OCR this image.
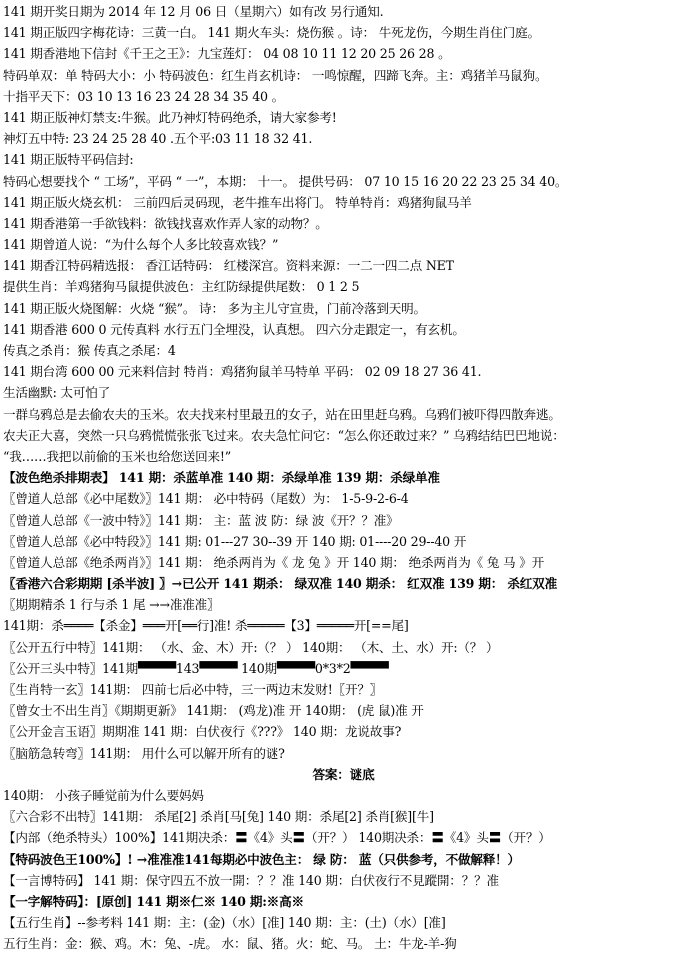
141 期开奖日期为 2014 年 12 月 06 日（星期六）如有改 另行通知.
141 期正版四字梅花诗：三黄一白。 141 期火车头：烧伤猴 。诗： 牛死龙伤，今期生肖住门庭。
141 期香港地下信封《千王之王》：九宝莲灯： 04 08 10 11 12 20 25 26 28 。
特码单双：单 特码大小：小 特码波色：红生肖玄机诗： 一鸣惊醒，四蹄飞奔。主：鸡猪羊马鼠狗。
十指平天下：03 10 13 16 23 24 28 34 35 40 。
141 期正版神灯禁支:牛猴。此乃神灯特码绝杀，请大家参考!
神灯五中特: 23 24 25 28 40 .五个平:03 11 18 32 41.
141 期正版特平码信封:
特码心想要找个 “ 工场”，平码 “ 一”，本期： 十一。 提供号码： 07 10 15 16 20 22 23 25 34 40。
141 期正版火烧玄机： 三前四后灵码现，老牛推车出将门。 特单特肖：鸡猪狗鼠马羊
141 期香港第一手欲钱料：欲钱找喜欢作弄人家的动物？。
141 期曾道人说：“为什么每个人多比较喜欢钱？”
141 期香江特码精选报： 香江话特码： 红楼深宫。资料来源：一二一四二点 NET
提供生肖：羊鸡猪狗马鼠提供波色：主红防绿提供尾数： 0 1 2 5
141 期正版火烧图解：火烧 “猴”。 诗： 多为主儿守宣贵，门前冷落到天明。
141 期香港 600 0 元传真料 水行五门全埋没，认真想。 四六分走跟定一，有玄机。
传真之杀肖：猴 传真之杀尾：4
141 期台湾 600 00 元来料信封 特肖：鸡猪狗鼠羊马特单 平码： 02 09 18 27 36 41.
生活幽默: 太可怕了
一群乌鸦总是去偷农夫的玉米。农夫找来村里最丑的女子，站在田里赶乌鸦。乌鸦们被吓得四散奔逃。
农夫正大喜，突然一只乌鸦慌慌张张飞过来。农夫急忙问它：“怎么你还敢过来？” 乌鸦结结巴巴地说：
“我……我把以前偷的玉米也给您送回来!”
【波色绝杀排期表】 141 期：杀蓝单准 140 期：杀绿单准 139 期：杀绿单准
〖曾道人总部《必中尾数》〗141 期： 必中特码（尾数）为： 1-5-9-2-6-4
〖曾道人总部《一波中特》〗141 期： 主：蓝 波 防：绿 波《开？？准》
〖曾道人总部《必中特段》〗141 期: 01---27 30--39 开 140 期: 01----20 29--40 开
〖曾道人总部《绝杀两肖》〗141 期： 绝杀两肖为《 龙 兔 》开 140 期： 绝杀两肖为《 兔 马 》开
〖香港六合彩期期 [杀半波] 〗→已公开 141 期杀： 绿双准 140 期杀： 红双准 139 期： 杀红双准
〖期期精杀 1 行与杀 1 尾 →→准准准〗
141期：杀════【杀金】═══开[══行]准! 杀═════【3】═════开[==尾]
〖公开五行中特〗141期： （水、金、木）开:（？ ） 140期： （木、土、水）开:（？ ）
〖公开三头中特〗141期▀▀▀▀143▀▀▀▀ 140期▀▀▀▀0*3*2▀▀▀▀
〖生肖特一玄〗141期： 四前七后必中特，三一两边末发财!〖开？〗
〖曾女士不出生肖〗《期期更新》 141期： (鸡龙)准 开 140期： (虎 鼠)准 开
〖公开金言玉语〗期期准 141 期：白伏夜行《???》 140 期：龙说故事?
〖脑筋急转弯〗141期： 用什么可以解开所有的谜?
答案：谜底
140期： 小孩子睡觉前为什么要妈妈
〖六合彩不出特〗141期： 杀尾[2] 杀肖[马[兔] 140 期：杀尾[2] 杀肖[猴][牛]
【内部（绝杀特头）100%】141期决杀：〓《4》头〓（开？） 140期决杀：〓《4》头〓（开？）
【特码波色王100%】! →准准准141每期必中波色主： 绿 防： 蓝（只供参考，不做解释！）
【一言博特码】 141 期：保守四五不放一開：？？准 140 期：白伏夜行不見蹤開：？？准
【一字解特码】：[原创] 141 期※仁※ 140 期:※高※
【五行生肖】--参考料 141 期：主：(金)（水）[准] 140 期：主：(土)（水）[准]
五行生肖：金：猴、鸡。木：兔、-虎。 水：鼠、猪。火：蛇、马。 土：牛龙-羊-狗
